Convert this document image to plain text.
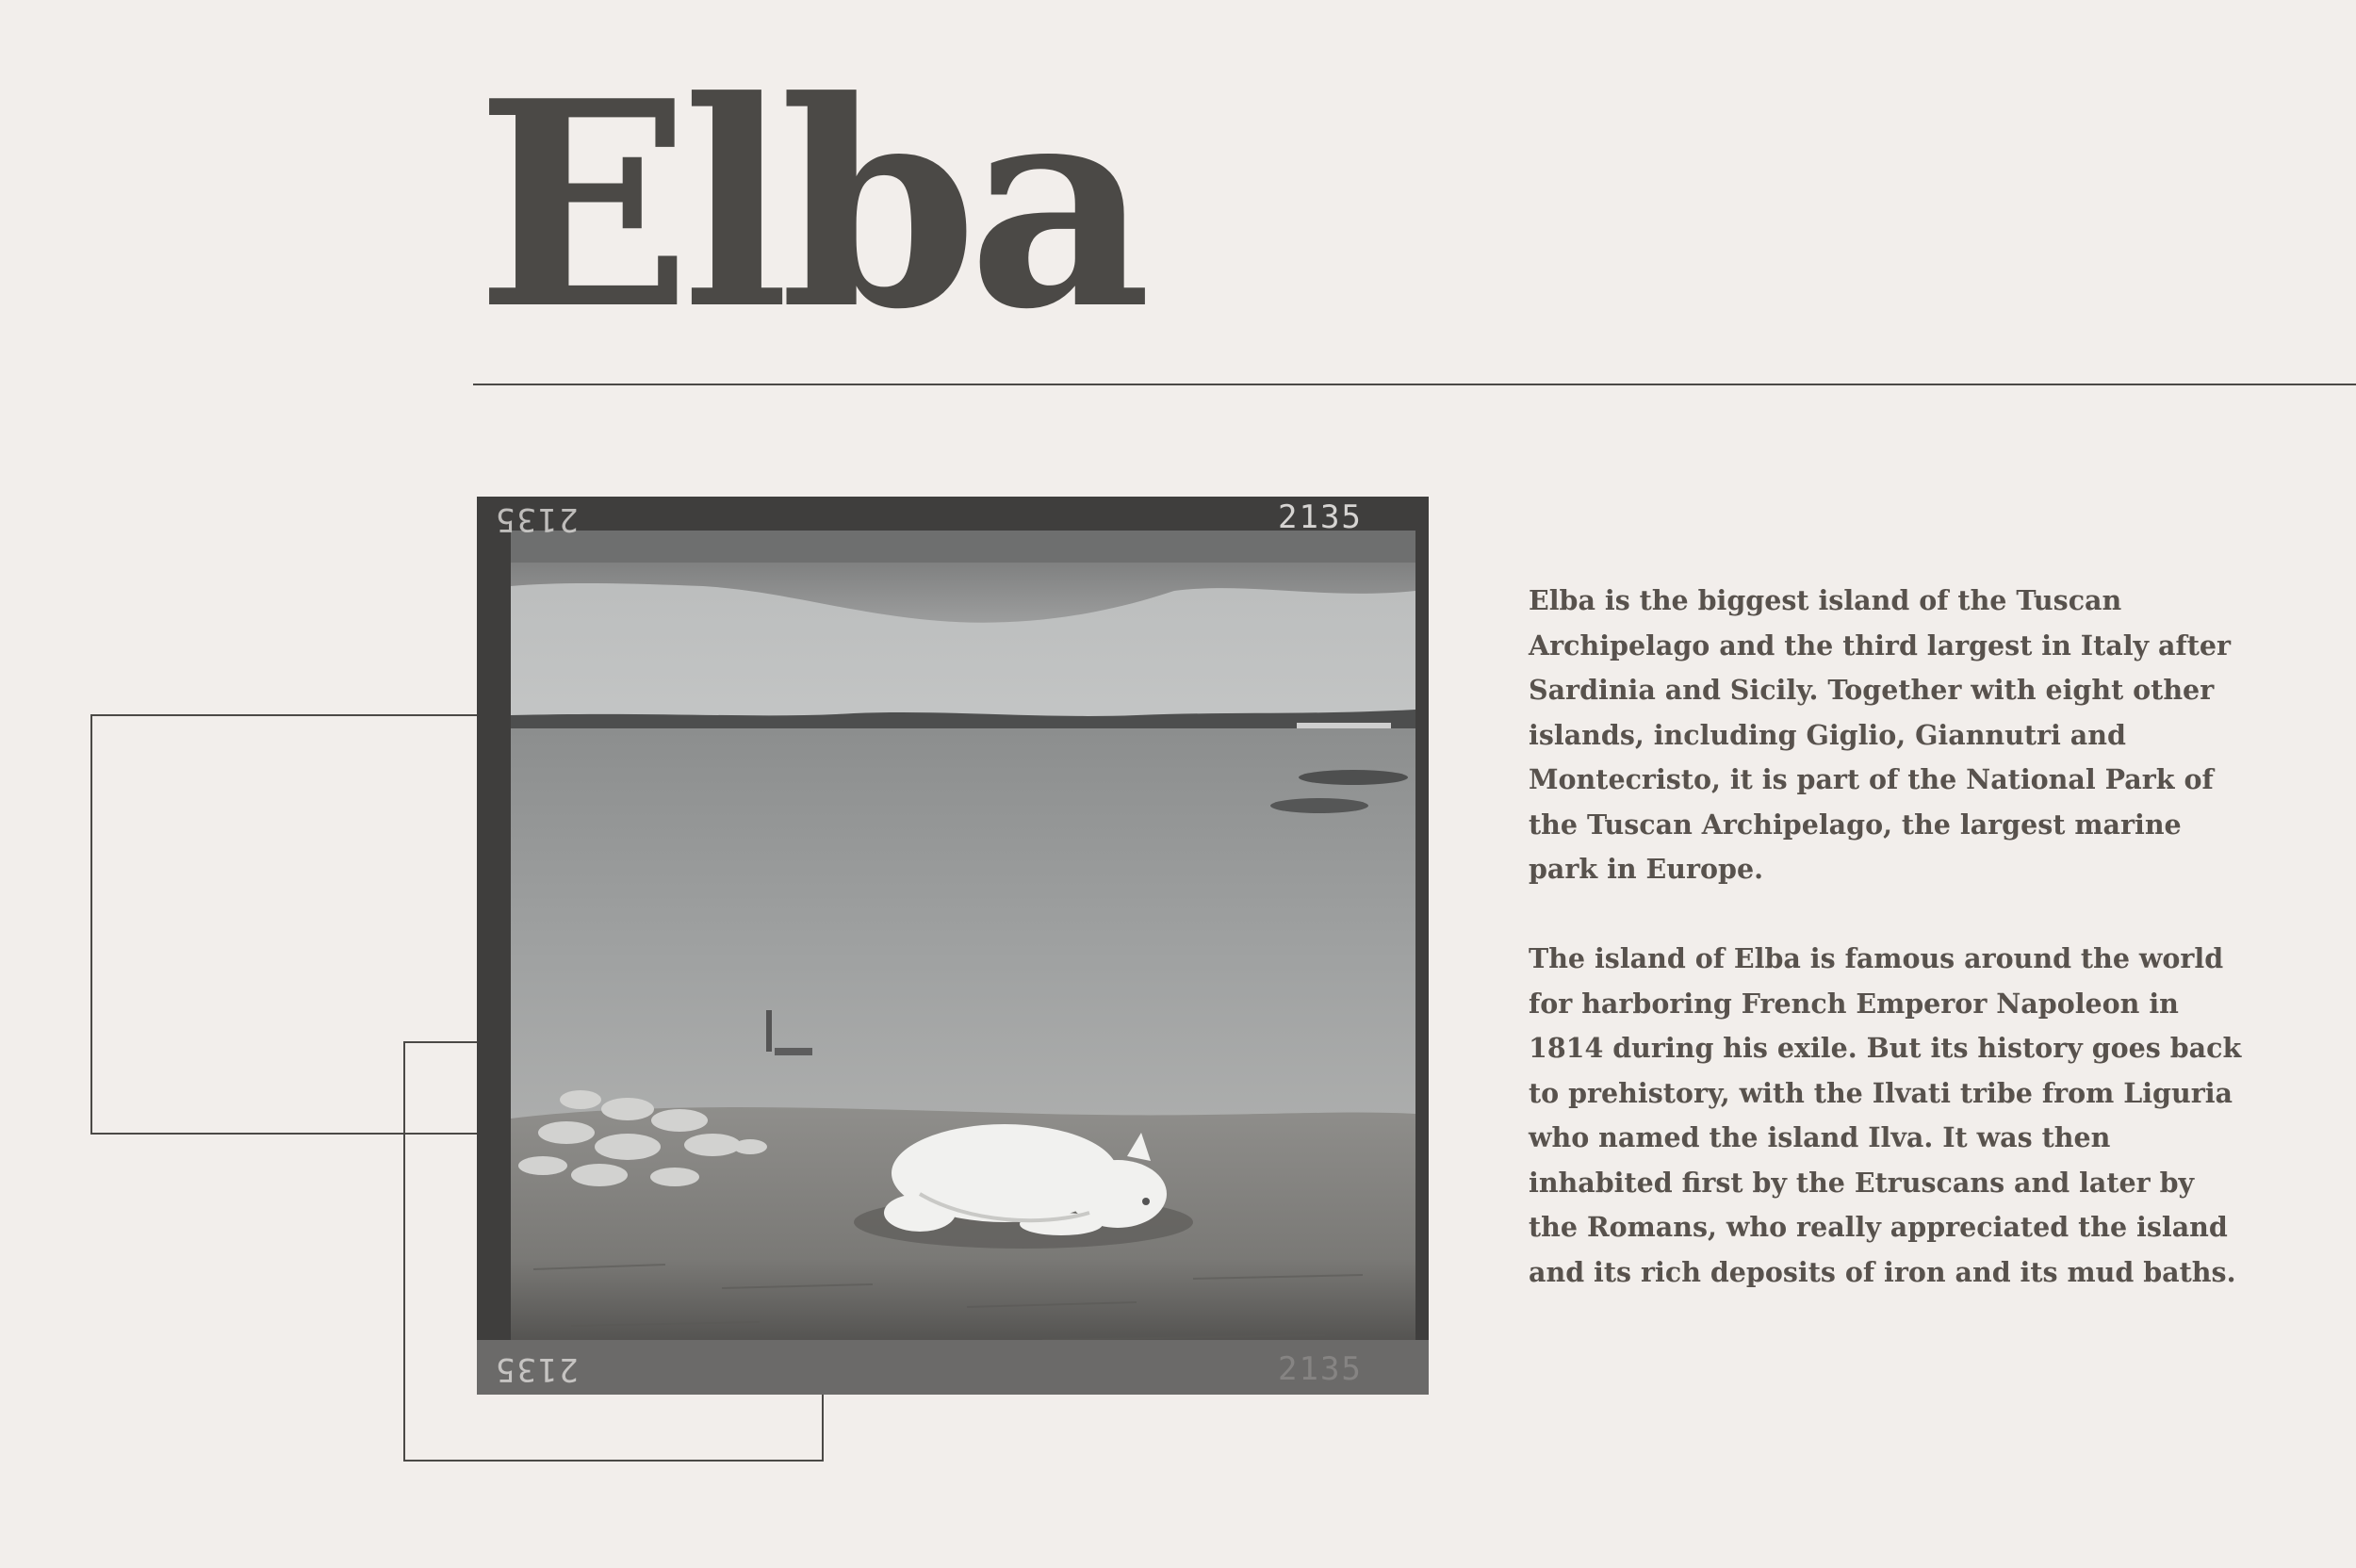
Elba
2135
2135
2135	2135

Elba is the biggest island of the Tuscan Archipelago and the third largest in Italy after Sardinia and Sicily. Together with eight other islands, including Giglio, Giannutri and Montecristo, it is part of the National Park of the Tuscan Archipelago, the largest marine park in Europe.

The island of Elba is famous around the world for harboring French Emperor Napoleon in 1814 during his exile. But its history goes back to prehistory, with the Ilvati tribe from Liguria who named the island Ilva. It was then inhabited first by the Etruscans and later by the Romans, who really appreciated the island and its rich deposits of iron and its mud baths.
